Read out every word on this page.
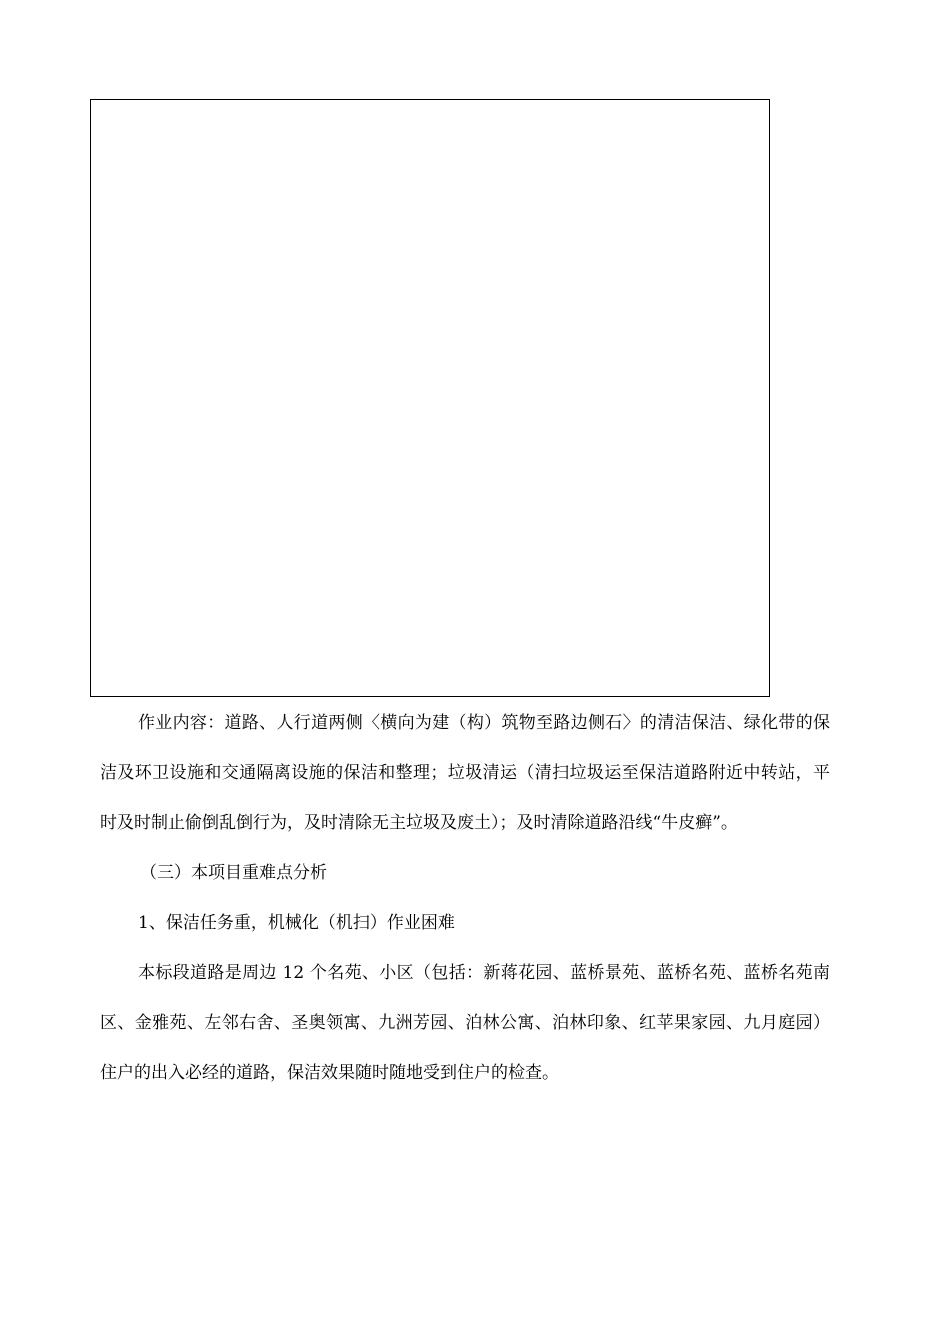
作业内容：道路、人行道两侧〈横向为建（构）筑物至路边侧石〉的清洁保洁、绿化带的保洁及环卫设施和交通隔离设施的保洁和整理；垃圾清运（清扫垃圾运至保洁道路附近中转站，平时及时制止偷倒乱倒行为，及时清除无主垃圾及废土）；及时清除道路沿线“牛皮癣”。

（三）本项目重难点分析

1、保洁任务重，机械化（机扫）作业困难

本标段道路是周边 12 个名苑、小区（包括：新蒋花园、蓝桥景苑、蓝桥名苑、蓝桥名苑南区、金雅苑、左邻右舍、圣奥领寓、九洲芳园、泊林公寓、泊林印象、红苹果家园、九月庭园）住户的出入必经的道路，保洁效果随时随地受到住户的检查。
